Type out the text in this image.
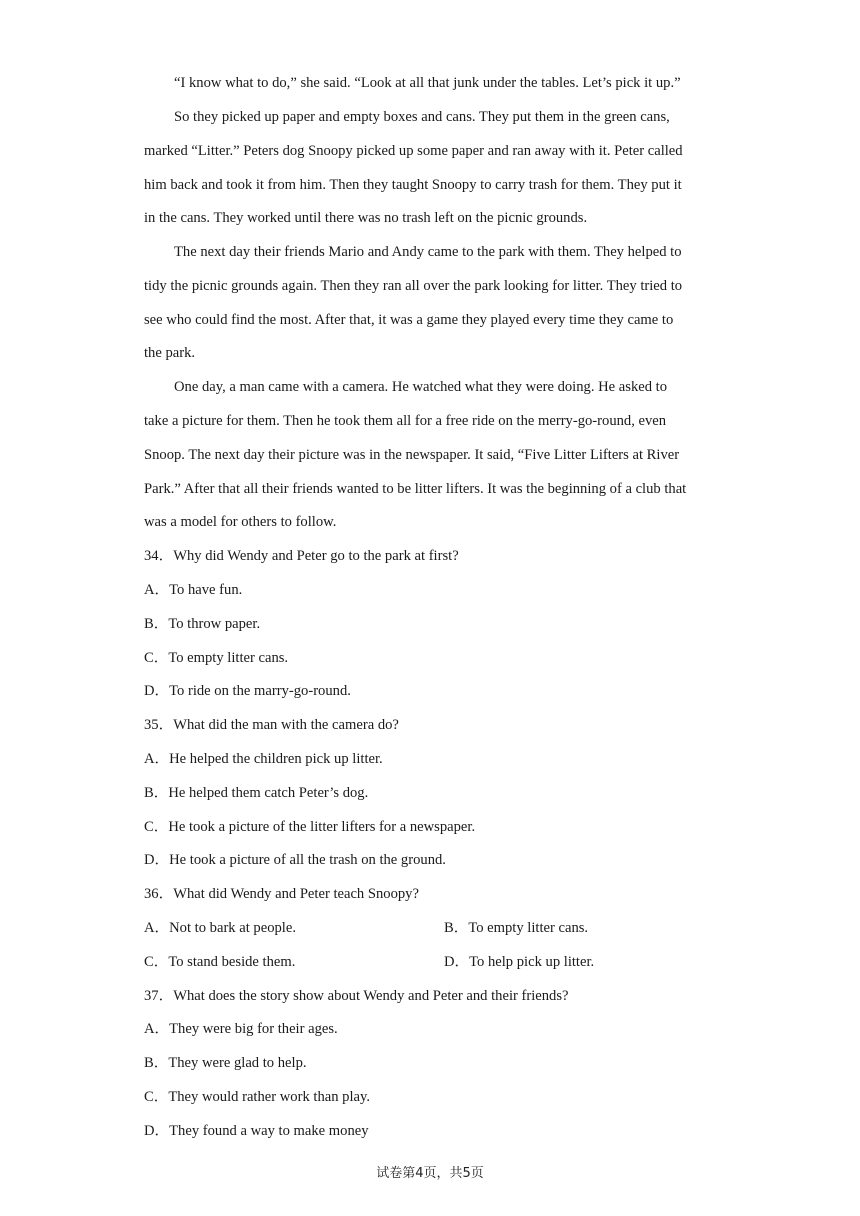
“I know what to do,” she said. “Look at all that junk under the tables. Let’s pick it up.”
So they picked up paper and empty boxes and cans. They put them in the green cans,
marked “Litter.” Peters dog Snoopy picked up some paper and ran away with it. Peter called
him back and took it from him. Then they taught Snoopy to carry trash for them. They put it
in the cans. They worked until there was no trash left on the picnic grounds.
The next day their friends Mario and Andy came to the park with them. They helped to
tidy the picnic grounds again. Then they ran all over the park looking for litter. They tried to
see who could find the most. After that, it was a game they played every time they came to
the park.
One day, a man came with a camera. He watched what they were doing. He asked to
take a picture for them. Then he took them all for a free ride on the merry-go-round, even
Snoop. The next day their picture was in the newspaper. It said, “Five Litter Lifters at River
Park.” After that all their friends wanted to be litter lifters. It was the beginning of a club that
was a model for others to follow.
34．Why did Wendy and Peter go to the park at first?
A．To have fun.
B．To throw paper.
C．To empty litter cans.
D．To ride on the marry-go-round.
35．What did the man with the camera do?
A．He helped the children pick up litter.
B．He helped them catch Peter’s dog.
C．He took a picture of the litter lifters for a newspaper.
D．He took a picture of all the trash on the ground.
36．What did Wendy and Peter teach Snoopy?
A．Not to bark at people.	B．To empty litter cans.
C．To stand beside them.	D．To help pick up litter.
37．What does the story show about Wendy and Peter and their friends?
A．They were big for their ages.
B．They were glad to help.
C．They would rather work than play.
D．They found a way to make money
试卷第4页，共5页
